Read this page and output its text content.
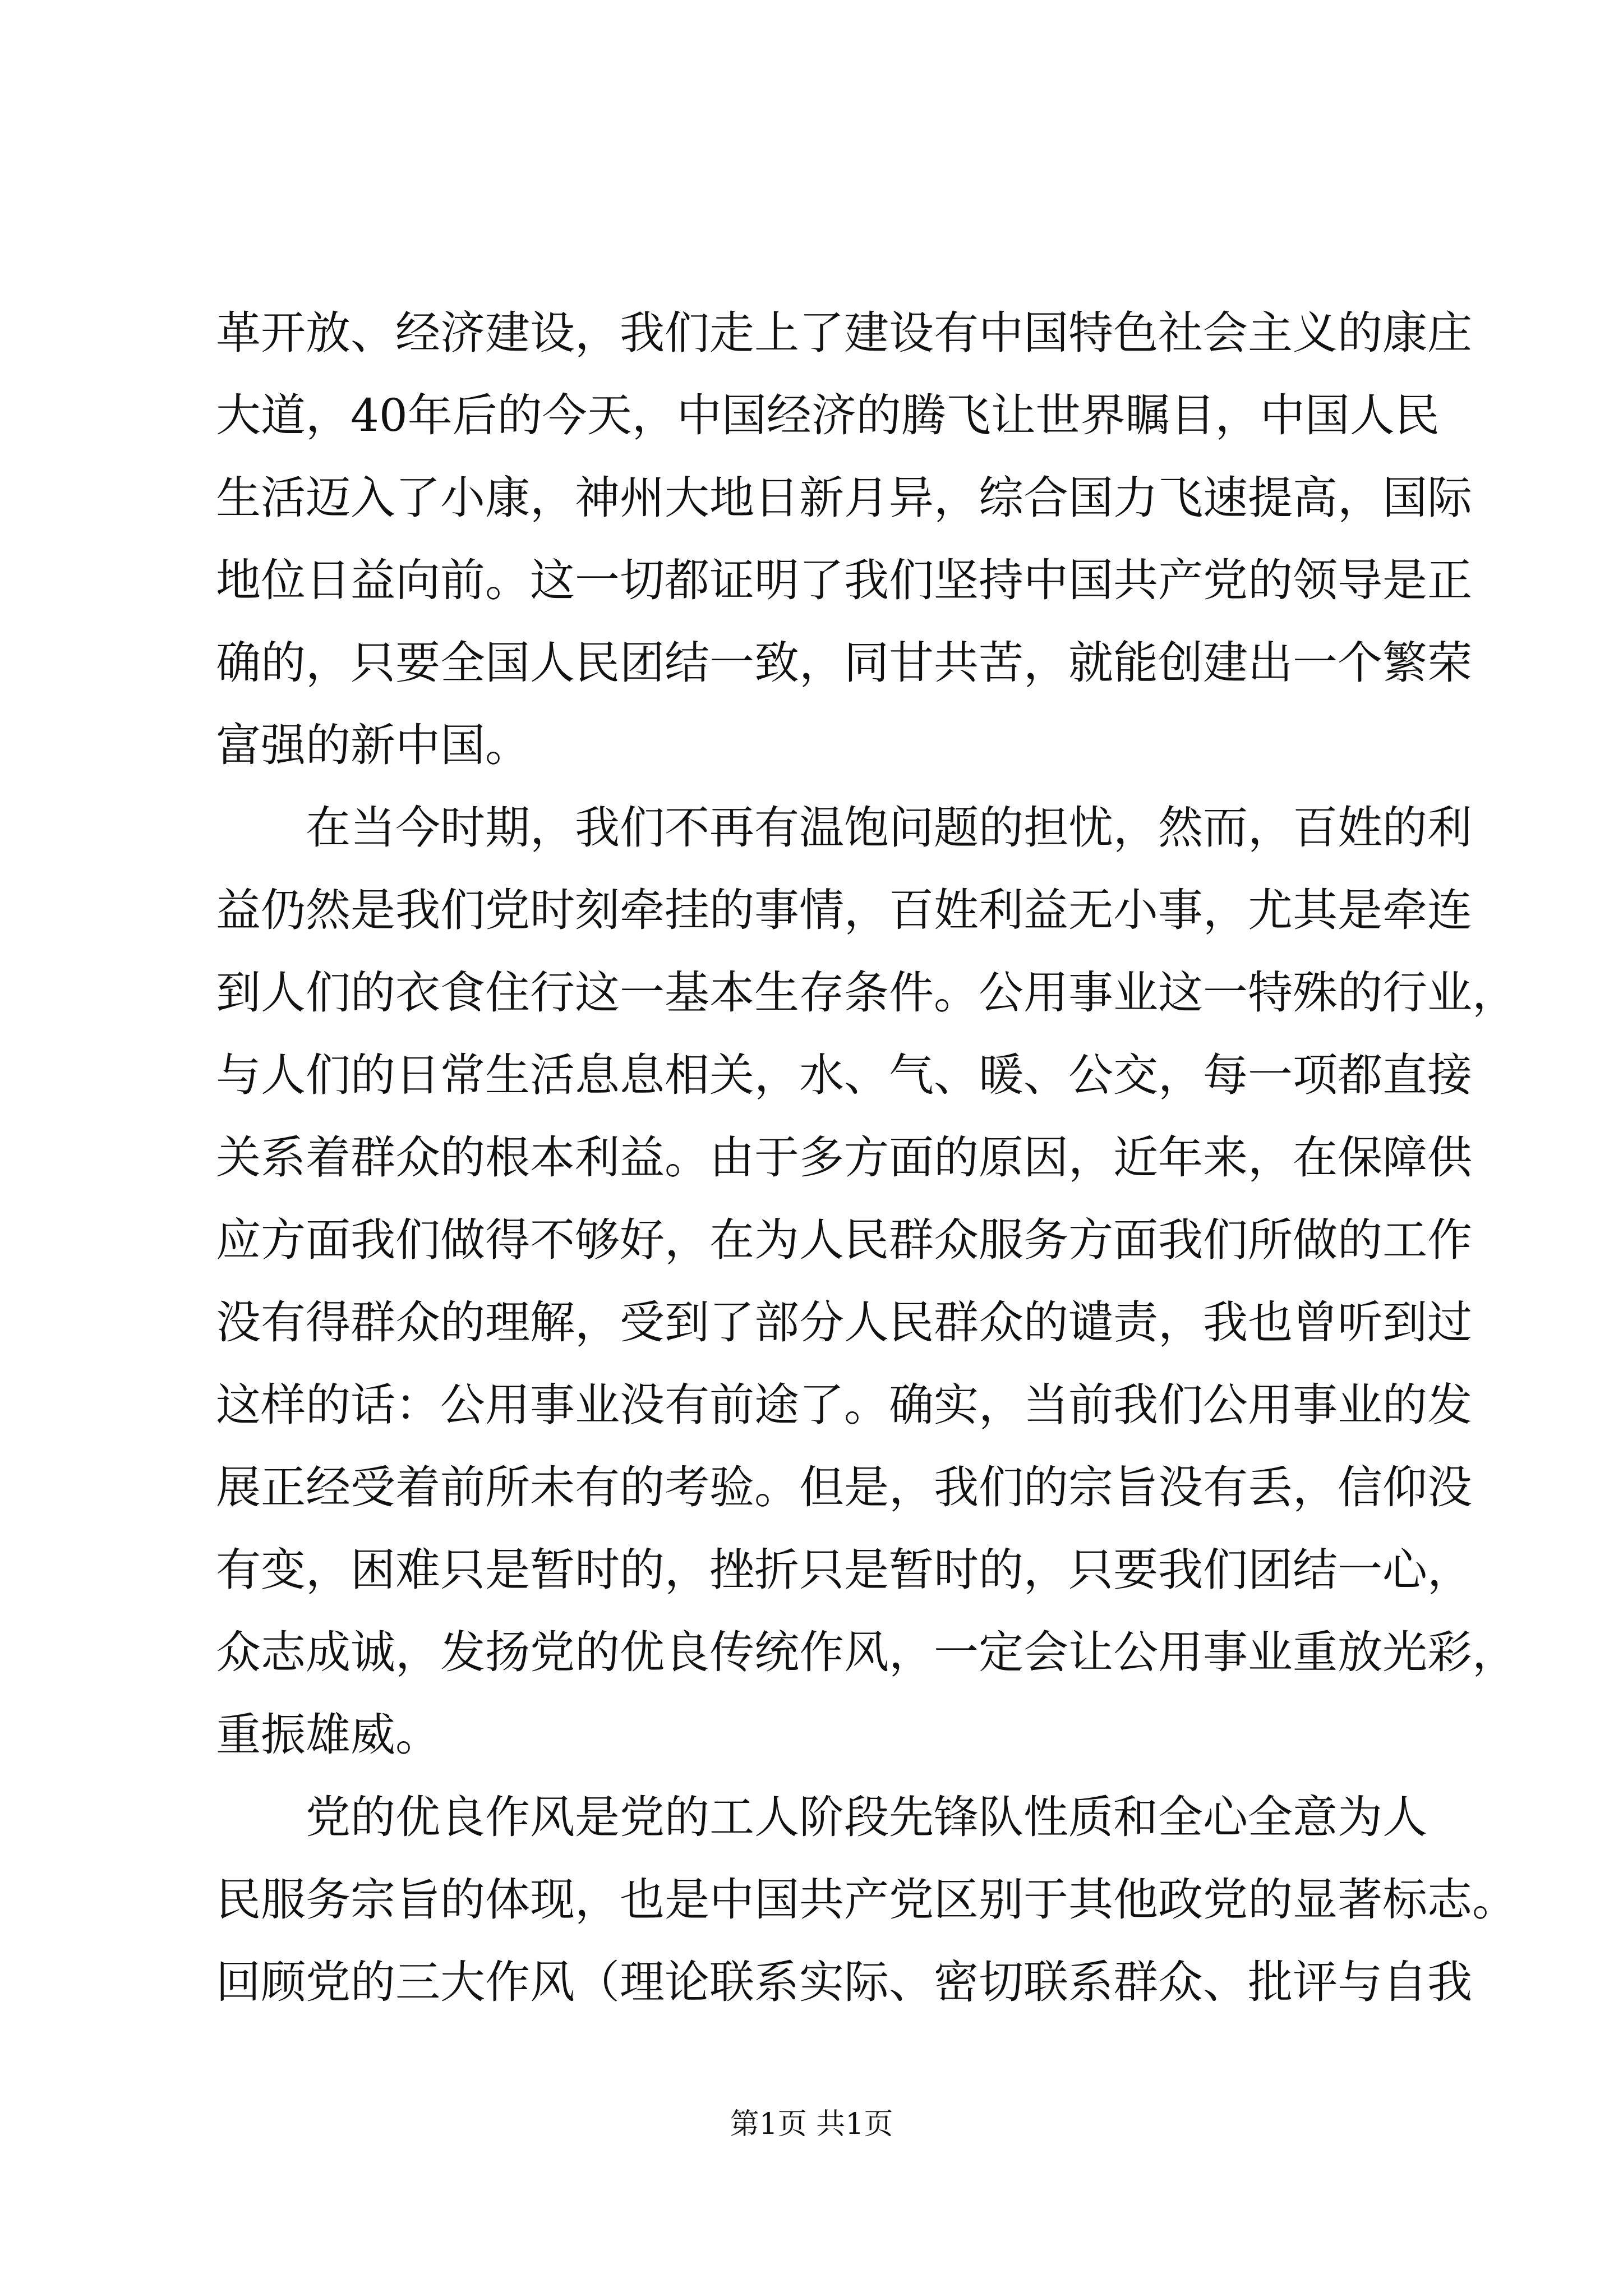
革开放、经济建设，我们走上了建设有中国特色社会主义的康庄
大道，40年后的今天，中国经济的腾飞让世界瞩目，中国人民
生活迈入了小康，神州大地日新月异，综合国力飞速提高，国际
地位日益向前。这一切都证明了我们坚持中国共产党的领导是正
确的，只要全国人民团结一致，同甘共苦，就能创建出一个繁荣
富强的新中国。
　　在当今时期，我们不再有温饱问题的担忧，然而，百姓的利
益仍然是我们党时刻牵挂的事情，百姓利益无小事，尤其是牵连
到人们的衣食住行这一基本生存条件。公用事业这一特殊的行业，
与人们的日常生活息息相关，水、气、暖、公交，每一项都直接
关系着群众的根本利益。由于多方面的原因，近年来，在保障供
应方面我们做得不够好，在为人民群众服务方面我们所做的工作
没有得群众的理解，受到了部分人民群众的谴责，我也曾听到过
这样的话：公用事业没有前途了。确实，当前我们公用事业的发
展正经受着前所未有的考验。但是，我们的宗旨没有丢，信仰没
有变，困难只是暂时的，挫折只是暂时的，只要我们团结一心，
众志成诚，发扬党的优良传统作风，一定会让公用事业重放光彩，
重振雄威。
　　党的优良作风是党的工人阶段先锋队性质和全心全意为人
民服务宗旨的体现，也是中国共产党区别于其他政党的显著标志。
回顾党的三大作风（理论联系实际、密切联系群众、批评与自我
第1页 共1页
